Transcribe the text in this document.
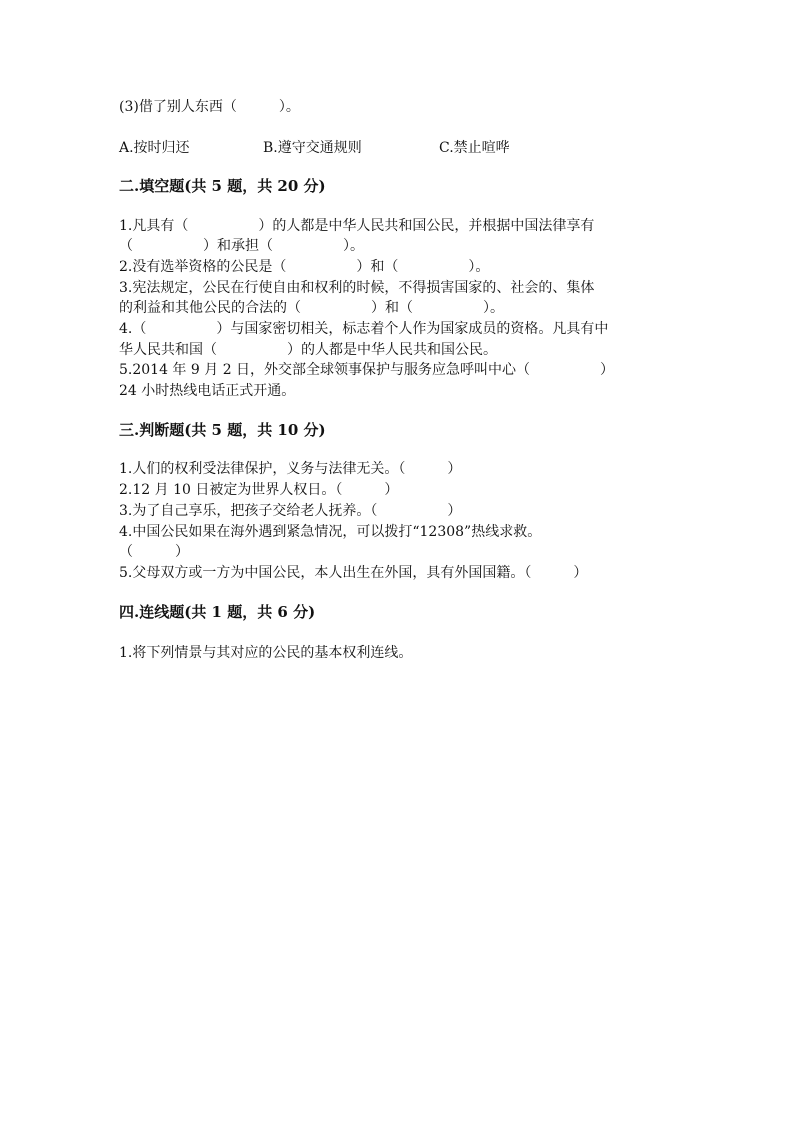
(3)借了别人东西（　　　）。
A.按时归还	B.遵守交通规则	C.禁止喧哗
二.填空题(共 5 题，共 20 分)
1.凡具有（　　　　　）的人都是中华人民共和国公民，并根据中国法律享有
（　　　　　）和承担（　　　　　）。
2.没有选举资格的公民是（　　　　　）和（　　　　　）。
3.宪法规定，公民在行使自由和权利的时候，不得损害国家的、社会的、集体
的利益和其他公民的合法的（　　　　　）和（　　　　　）。
4.（　　　　　）与国家密切相关，标志着个人作为国家成员的资格。凡具有中
华人民共和国（　　　　　）的人都是中华人民共和国公民。
5.2014 年 9 月 2 日，外交部全球领事保护与服务应急呼叫中心（　　　　　）
24 小时热线电话正式开通。
三.判断题(共 5 题，共 10 分)
1.人们的权利受法律保护，义务与法律无关。（　　　）
2.12 月 10 日被定为世界人权日。（　　　）
3.为了自己享乐，把孩子交给老人抚养。（　　　　　）
4.中国公民如果在海外遇到紧急情况，可以拨打“12308”热线求救。
（　　　）
5.父母双方或一方为中国公民，本人出生在外国，具有外国国籍。（　　　）
四.连线题(共 1 题，共 6 分)
1.将下列情景与其对应的公民的基本权利连线。
